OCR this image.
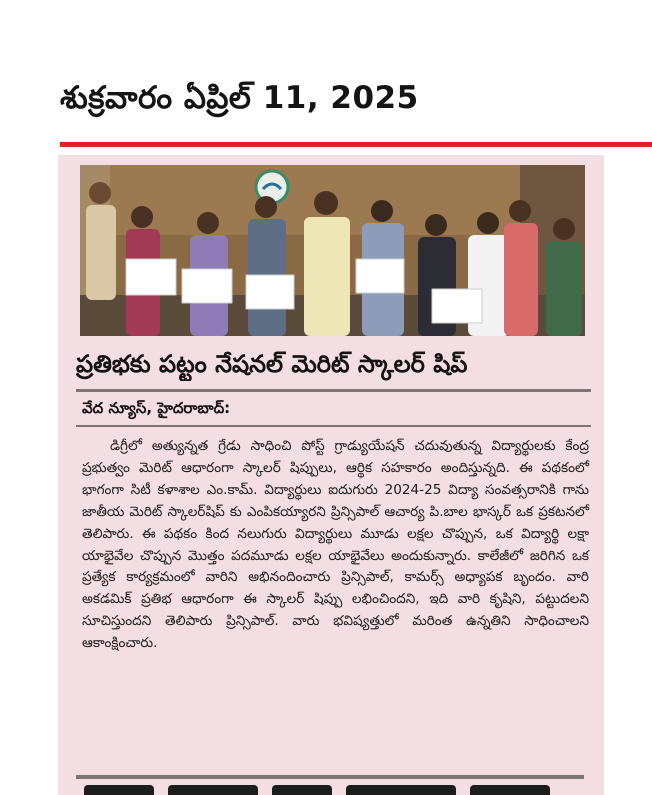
శుక్రవారం ఏప్రిల్ 11, 2025
ప్రతిభకు పట్టం నేషనల్ మెరిట్ స్కాలర్ షిప్
వేద న్యూస్, హైదరాబాద్:
డిగ్రీలో అత్యున్నత గ్రేడు సాధించి పోస్ట్ గ్రాడ్యుయేషన్ చదువుతున్న విద్యార్థులకు కేంద్ర ప్రభుత్వం మెరిట్ ఆధారంగా స్కాలర్ షిప్పులు, ఆర్థిక సహకారం అందిస్తున్నది. ఈ పథకంలో భాగంగా సిటీ కళాశాల ఎం.కామ్. విద్యార్థులు ఐదుగురు 2024-25 విద్యా సంవత్సరానికి గాను జాతీయ మెరిట్ స్కాలర్‌షిప్ కు ఎంపికయ్యారని ప్రిన్సిపాల్ ఆచార్య పి.బాల భాస్కర్ ఒక ప్రకటనలో తెలిపారు. ఈ పథకం కింద నలుగురు విద్యార్థులు మూడు లక్షల చొప్పున, ఒక విద్యార్థి లక్షా యాభైవేల చొప్పున మొత్తం పదమూడు లక్షల యాభైవేలు అందుకున్నారు. కాలేజీలో జరిగిన ఒక ప్రత్యేక కార్యక్రమంలో వారిని అభినందించారు ప్రిన్సిపాల్, కామర్స్ అధ్యాపక బృందం. వారి అకడమిక్ ప్రతిభ ఆధారంగా ఈ స్కాలర్ షిప్పు లభించిందని, ఇది వారి కృషిని, పట్టుదలని సూచిస్తుందని తెలిపారు ప్రిన్సిపాల్. వారు భవిష్యత్తులో మరింత ఉన్నతిని సాధించాలని ఆకాంక్షించారు.
